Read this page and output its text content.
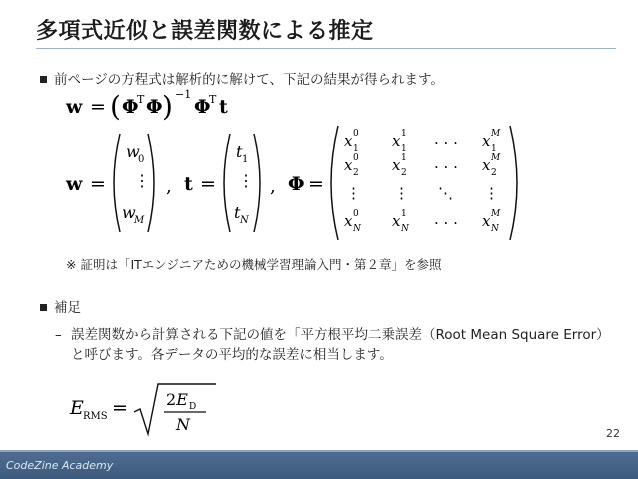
多項式近似と誤差関数による推定
前ページの方程式は解析的に解けて、下記の結果が得られます。
w = ( Φ
T Φ ) −1
Φ
T t
w =
w
0
⋮
w
M
, t =
t 1
⋮
t N
, Φ =
x 0
1 x 1
1
. . . x M
1
x 0
2 x 1
2
. . . x M
2
⋮ ⋮ ⋱ ⋮
x 0
N x 1
N
. . . x M
N
※ 証明は「ITエンジニアための機械学習理論入門・第２章」を参照
補足
– 誤差関数から計算される下記の値を「平方根平均二乗誤差（Root Mean Square Error）と呼びます。各データの平均的な誤差に相当します。
E RMS = 2E D
N	22
CodeZine Academy
